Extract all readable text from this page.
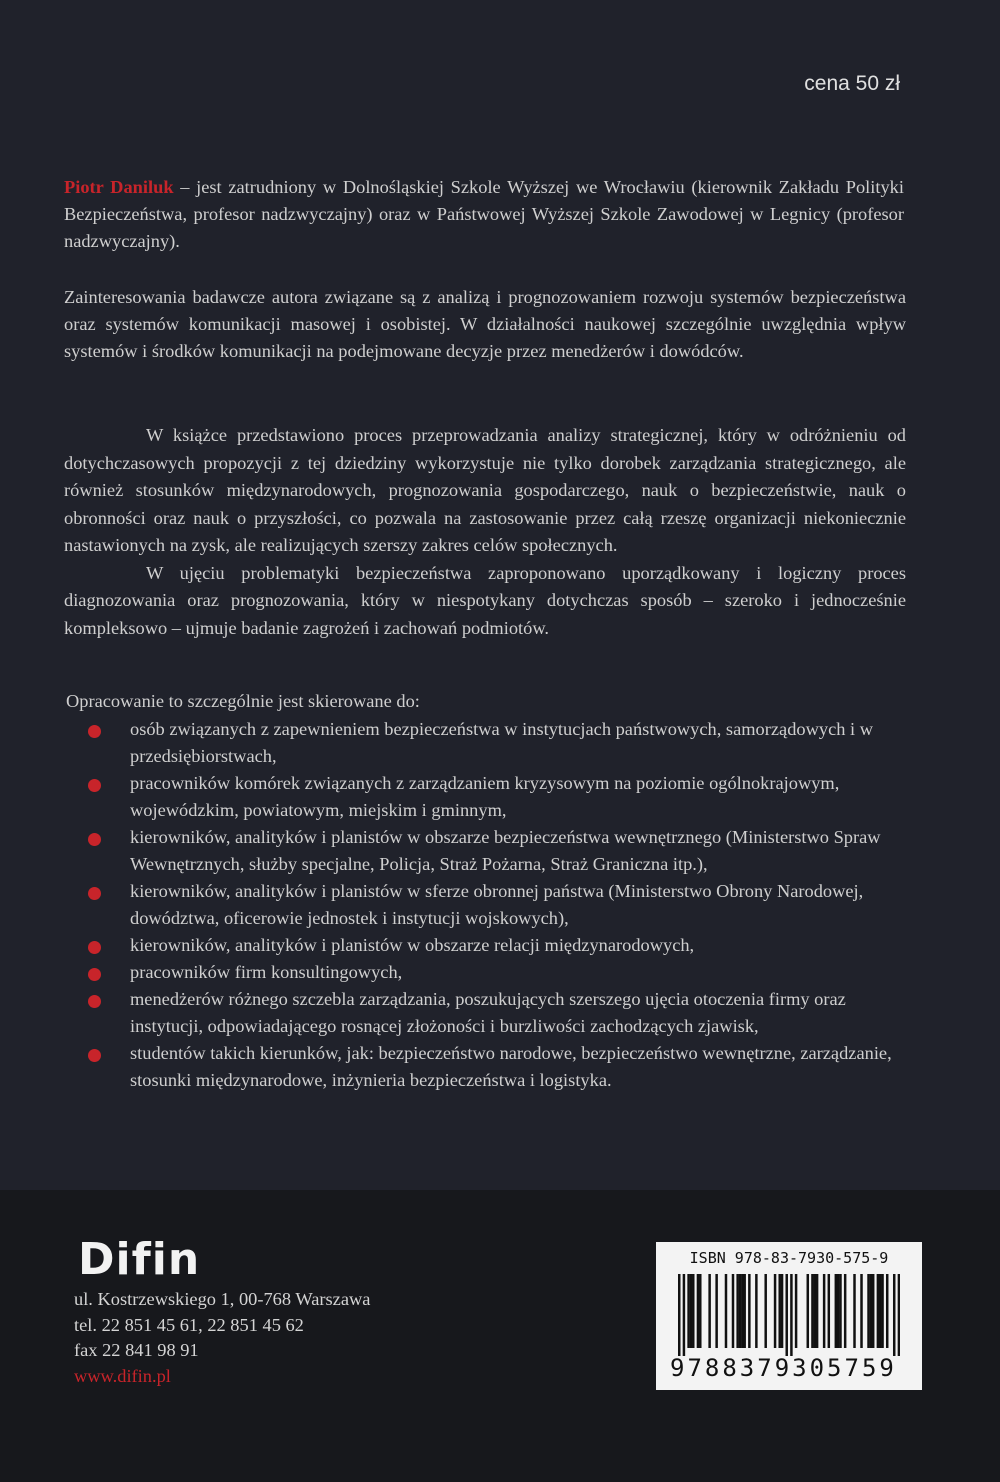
cena 50 zł
Piotr Daniluk – jest zatrudniony w Dolnośląskiej Szkole Wyższej we Wrocławiu (kierownik Zakładu Polityki Bezpieczeństwa, profesor nadzwyczajny) oraz w Państwowej Wyższej Szkole Zawodowej w Legnicy (profesor nadzwyczajny).
Zainteresowania badawcze autora związane są z analizą i prognozowaniem rozwoju systemów bezpieczeństwa oraz systemów komunikacji masowej i osobistej. W działalności naukowej szczególnie uwzględnia wpływ systemów i środków komunikacji na podejmowane decyzje przez menedżerów i dowódców.

W książce przedstawiono proces przeprowadzania analizy strategicznej, który w odróżnieniu od dotychczasowych propozycji z tej dziedziny wykorzystuje nie tylko dorobek zarządzania strategicznego, ale również stosunków międzynarodowych, prognozowania gospodarczego, nauk o bezpieczeństwie, nauk o obronności oraz nauk o przyszłości, co pozwala na zastosowanie przez całą rzeszę organizacji niekoniecznie nastawionych na zysk, ale realizujących szerszy zakres celów społecznych.

W ujęciu problematyki bezpieczeństwa zaproponowano uporządkowany i logiczny proces diagnozowania oraz prognozowania, który w niespotykany dotychczas sposób – szeroko i jednocześnie kompleksowo – ujmuje badanie zagrożeń i zachowań podmiotów.

Opracowanie to szczególnie jest skierowane do:
osób związanych z zapewnieniem bezpieczeństwa w instytucjach państwowych, samorządowych i w przedsiębiorstwach,
pracowników komórek związanych z zarządzaniem kryzysowym na poziomie ogólnokrajowym, wojewódzkim, powiatowym, miejskim i gminnym,
kierowników, analityków i planistów w obszarze bezpieczeństwa wewnętrznego (Ministerstwo Spraw Wewnętrznych, służby specjalne, Policja, Straż Pożarna, Straż Graniczna itp.),
kierowników, analityków i planistów w sferze obronnej państwa (Ministerstwo Obrony Narodowej, dowództwa, oficerowie jednostek i instytucji wojskowych),
kierowników, analityków i planistów w obszarze relacji międzynarodowych,
pracowników firm konsultingowych,
menedżerów różnego szczebla zarządzania, poszukujących szerszego ujęcia otoczenia firmy oraz instytucji, odpowiadającego rosnącej złożoności i burzliwości zachodzących zjawisk,
studentów takich kierunków, jak: bezpieczeństwo narodowe, bezpieczeństwo wewnętrzne, zarządzanie, stosunki międzynarodowe, inżynieria bezpieczeństwa i logistyka.
Difin
ul. Kostrzewskiego 1, 00-768 Warszawa
tel. 22 851 45 61, 22 851 45 62
fax 22 841 98 91
www.difin.pl
ISBN 978-83-7930-575-9
9788379305759
